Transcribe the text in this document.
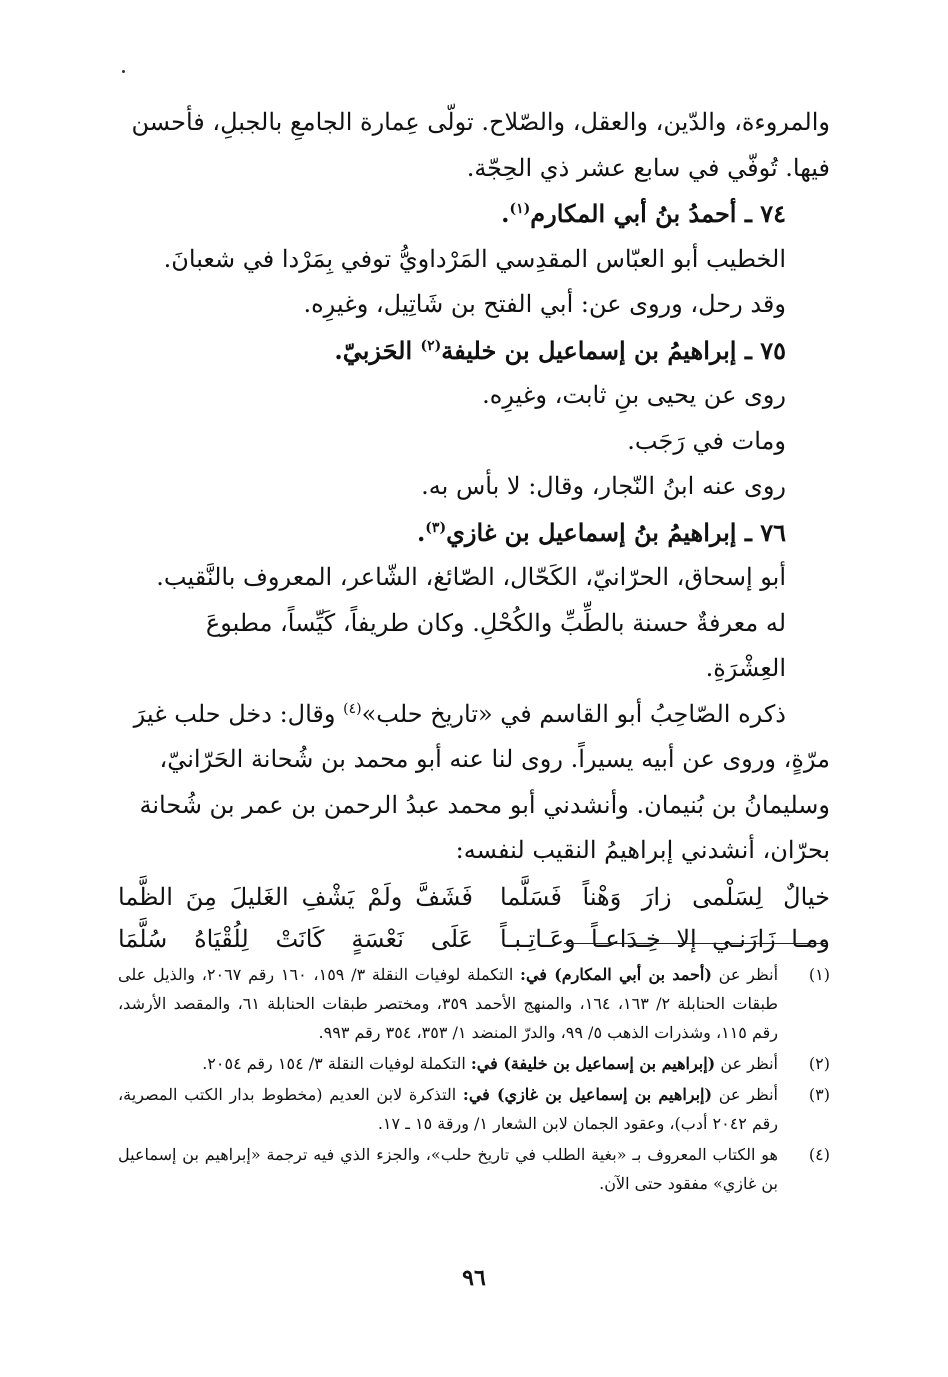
والمروءة، والدّين، والعقل، والصّلاح. تولّى عِمارة الجامعِ بالجبلِ، فأحسن

فيها. تُوفّي في سابع عشر ذي الحِجّة.

٧٤ ـ أحمدُ بنُ أبي المكارم$^{(١)}$.

الخطيب أبو العبّاس المقدِسي المَرْداويُّ توفي بِمَرْدا في شعبانَ.

وقد رحل، وروى عن: أبي الفتح بن شَاتِيل، وغيرِه.

٧٥ ـ إبراهيمُ بن إسماعيل بن خليفة$^{(٢)}$ الحَزبيّ.

روى عن يحيى بنِ ثابت، وغيرِه.

ومات في رَجَب.

روى عنه ابنُ النّجار، وقال: لا بأس به.

٧٦ ـ إبراهيمُ بنُ إسماعيل بن غازي$^{(٣)}$.

أبو إسحاق، الحرّانيّ، الكَحّال، الصّائغ، الشّاعر، المعروف بالنَّقيب.

له معرفةٌ حسنة بالطِّبِّ والكُحْلِ. وكان طريفاً، كَيِّساً، مطبوعَ العِشْرَةِ.

ذكره الصّاحِبُ أبو القاسم في «تاريخ حلب»$^{(٤)}$ وقال: دخل حلب غيرَ

مرّةٍ، وروى عن أبيه يسيراً. روى لنا عنه أبو محمد بن شُحانة الحَرّانيّ،

وسليمانُ بن بُنيمان. وأنشدني أبو محمد عبدُ الرحمن بن عمر بن شُحانة

بحرّان، أنشدني إبراهيمُ النقيب لنفسه:

خيالٌ لِسَلْمى زارَ وَهْناً فَسَلَّما
فَشَفَّ ولَمْ يَشْفِ الغَليلَ مِنَ الظَّما
ومـا زَارَنـي إلا خِـدَاعـاً وعَـاتِـبـاً
عَلَى نَعْسَةٍ كَانَتْ لِلُقْيَاهُ سُلَّمَا
(١)
أنظر عن (أحمد بن أبي المكارم) في: التكملة لوفيات النقلة ٣/ ١٥٩، ١٦٠ رقم ٢٠٦٧، والذيل على طبقات الحنابلة ٢/ ١٦٣، ١٦٤، والمنهج الأحمد ٣٥٩، ومختصر طبقات الحنابلة ٦١، والمقصد الأرشد، رقم ١١٥، وشذرات الذهب ٥/ ٩٩، والدرّ المنضد ١/ ٣٥٣، ٣٥٤ رقم ٩٩٣.
(٢)
أنظر عن (إبراهيم بن إسماعيل بن خليفة) في: التكملة لوفيات النقلة ٣/ ١٥٤ رقم ٢٠٥٤.
(٣)
أنظر عن (إبراهيم بن إسماعيل بن غازي) في: التذكرة لابن العديم (مخطوط بدار الكتب المصرية، رقم ٢٠٤٢ أدب)، وعقود الجمان لابن الشعار ١/ ورقة ١٥ ـ ١٧.
(٤)
هو الكتاب المعروف بـ «بغية الطلب في تاريخ حلب»، والجزء الذي فيه ترجمة «إبراهيم بن إسماعيل بن غازي» مفقود حتى الآن.
٩٦
